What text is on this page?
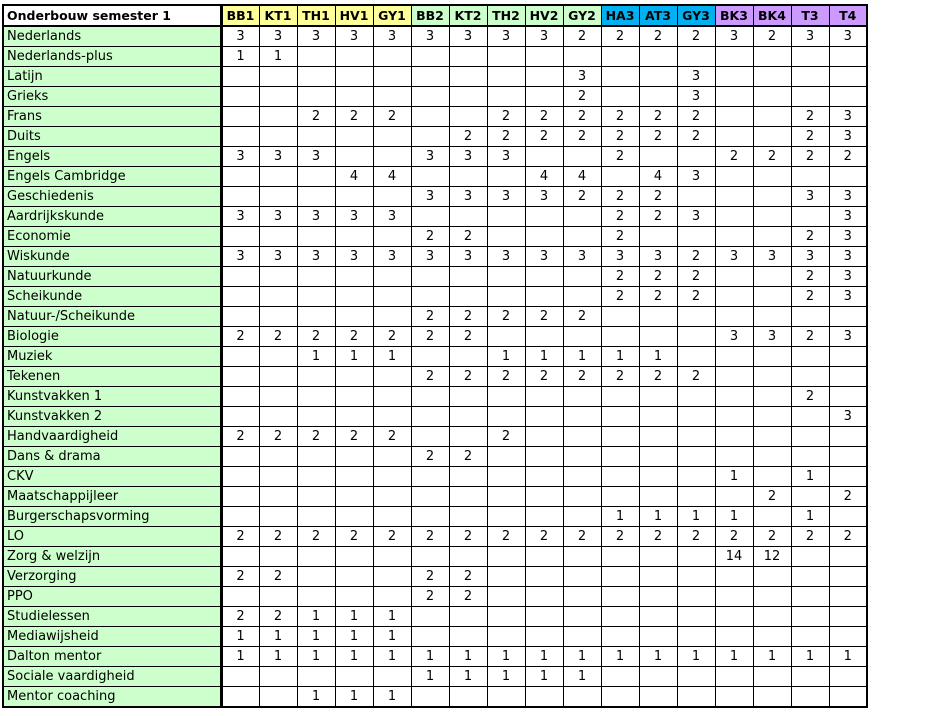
Onderbouw semester 1	BB1	KT1	TH1	HV1	GY1	BB2	KT2	TH2	HV2	GY2	HA3	AT3	GY3	BK3	BK4	T3	T4
Nederlands	3	3	3	3	3	3	3	3	3	2	2	2	2	3	2	3	3
Nederlands-plus	1	1															
Latijn										3			3				
Grieks										2			3				
Frans			2	2	2			2	2	2	2	2	2			2	3
Duits							2	2	2	2	2	2	2			2	3
Engels	3	3	3			3	3	3			2			2	2	2	2
Engels Cambridge				4	4				4	4		4	3				
Geschiedenis						3	3	3	3	2	2	2				3	3
Aardrijkskunde	3	3	3	3	3						2	2	3				3
Economie						2	2				2					2	3
Wiskunde	3	3	3	3	3	3	3	3	3	3	3	3	2	3	3	3	3
Natuurkunde											2	2	2			2	3
Scheikunde											2	2	2			2	3
Natuur-/Scheikunde						2	2	2	2	2							
Biologie	2	2	2	2	2	2	2							3	3	2	3
Muziek			1	1	1			1	1	1	1	1					
Tekenen						2	2	2	2	2	2	2	2				
Kunstvakken 1																2	
Kunstvakken 2																	3
Handvaardigheid	2	2	2	2	2			2									
Dans & drama						2	2										
CKV														1		1	
Maatschappijleer															2		2
Burgerschapsvorming											1	1	1	1		1	
LO	2	2	2	2	2	2	2	2	2	2	2	2	2	2	2	2	2
Zorg & welzijn														14	12		
Verzorging	2	2				2	2										
PPO						2	2										
Studielessen	2	2	1	1	1												
Mediawijsheid	1	1	1	1	1												
Dalton mentor	1	1	1	1	1	1	1	1	1	1	1	1	1	1	1	1	1
Sociale vaardigheid						1	1	1	1	1							
Mentor coaching			1	1	1												
